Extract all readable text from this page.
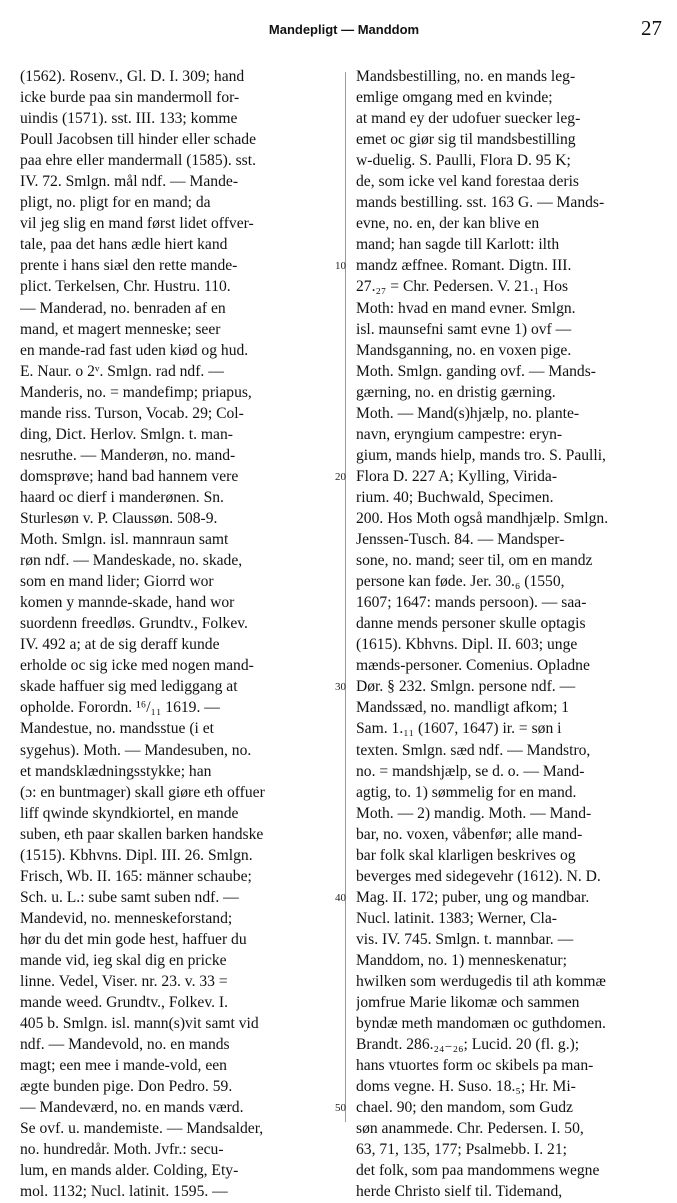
Mandepligt — Manddom	27
(1562). Rosenv., Gl. D. I. 309; hand
icke burde paa sin mandermoll for-
uindis (1571). sst. III. 133; komme
Poull Jacobsen till hinder eller schade
paa ehre eller mandermall (1585). sst.
IV. 72. Smlgn. mål ndf. — Mande-
pligt, no. pligt for en mand; da
vil jeg slig en mand først lidet offver-
tale, paa det hans ædle hiert kand
prente i hans siæl den rette mande-
plict. Terkelsen, Chr. Hustru. 110.
— Manderad, no. benraden af en
mand, et magert menneske; seer
en mande-rad fast uden kiød og hud.
E. Naur. o 2ᵛ. Smlgn. rad ndf. —
Manderis, no. = mandefimp; priapus,
mande riss. Turson, Vocab. 29; Col-
ding, Dict. Herlov. Smlgn. t. man-
nesruthe. — Manderøn, no. mand-
domsprøve; hand bad hannem vere
haard oc dierf i manderønen. Sn.
Sturlesøn v. P. Claussøn. 508-9.
Moth. Smlgn. isl. mannraun samt
røn ndf. — Mandeskade, no. skade,
som en mand lider; Giorrd wor
komen y mannde-skade, hand wor
suordenn freedløs. Grundtv., Folkev.
IV. 492 a; at de sig deraff kunde
erholde oc sig icke med nogen mand-
skade haffuer sig med lediggang at
opholde. Forordn. ¹⁶/₁₁ 1619. —
Mandestue, no. mandsstue (i et
sygehus). Moth. — Mandesuben, no.
et mandsklædningsstykke; han
(ɔ: en buntmager) skall giøre eth offuer
liff qwinde skyndkiortel, en mande
suben, eth paar skallen barken handske
(1515). Kbhvns. Dipl. III. 26. Smlgn.
Frisch, Wb. II. 165: männer schaube;
Sch. u. L.: sube samt suben ndf. —
Mandevid, no. menneskeforstand;
hør du det min gode hest, haffuer du
mande vid, ieg skal dig en pricke
linne. Vedel, Viser. nr. 23. v. 33 =
mande weed. Grundtv., Folkev. I.
405 b. Smlgn. isl. mann(s)vit samt vid
ndf. — Mandevold, no. en mands
magt; een mee i mande-vold, een
ægte bunden pige. Don Pedro. 59.
— Mandeværd, no. en mands værd.
Se ovf. u. mandemiste. — Mandsalder,
no. hundredår. Moth. Jvfr.: secu-
lum, en mands alder. Colding, Ety-
mol. 1132; Nucl. latinit. 1595. —
Mandsbestilling, no. en mands leg-
emlige omgang med en kvinde;
at mand ey der udofuer suecker leg-
emet oc giør sig til mandsbestilling
w-duelig. S. Paulli, Flora D. 95 K;
de, som icke vel kand forestaa deris
mands bestilling. sst. 163 G. — Mands-
evne, no. en, der kan blive en
mand; han sagde till Karlott: ilth
mandz æffnee. Romant. Digtn. III.
27.₂₇ = Chr. Pedersen. V. 21.₁ Hos
Moth: hvad en mand evner. Smlgn.
isl. maunsefni samt evne 1) ovf —
Mandsganning, no. en voxen pige.
Moth. Smlgn. ganding ovf. — Mands-
gærning, no. en dristig gærning.
Moth. — Mand(s)hjælp, no. plante-
navn, eryngium campestre: eryn-
gium, mands hielp, mands tro. S. Paulli,
Flora D. 227 A; Kylling, Virida-
rium. 40; Buchwald, Specimen.
200. Hos Moth også mandhjælp. Smlgn.
Jenssen-Tusch. 84. — Mandsper-
sone, no. mand; seer til, om en mandz
persone kan føde. Jer. 30.₆ (1550,
1607; 1647: mands persoon). — saa-
danne mends personer skulle optagis
(1615). Kbhvns. Dipl. II. 603; unge
mænds-personer. Comenius. Opladne
Dør. § 232. Smlgn. persone ndf. —
Mandssæd, no. mandligt afkom; 1
Sam. 1.₁₁ (1607, 1647) ir. = søn i
texten. Smlgn. sæd ndf. — Mandstro,
no. = mandshjælp, se d. o. — Mand-
agtig, to. 1) sømmelig for en mand.
Moth. — 2) mandig. Moth. — Mand-
bar, no. voxen, våbenfør; alle mand-
bar folk skal klarligen beskrives og
beverges med sidegevehr (1612). N. D.
Mag. II. 172; puber, ung og mandbar.
Nucl. latinit. 1383; Werner, Cla-
vis. IV. 745. Smlgn. t. mannbar. —
Manddom, no. 1) menneskenatur;
hwilken som werdugedis til ath kommæ
jomfrue Marie likomæ och sammen
byndæ meth mandomæn oc guthdomen.
Brandt. 286.₂₄₋₂₆; Lucid. 20 (fl. g.);
hans vtuortes form oc skibels pa man-
doms vegne. H. Suso. 18.₅; Hr. Mi-
chael. 90; den mandom, som Gudz
søn anammede. Chr. Pedersen. I. 50,
63, 71, 135, 177; Psalmebb. I. 21;
det folk, som paa mandommens wegne
herde Christo sielf til. Tidemand,
10
20
30
40
50
